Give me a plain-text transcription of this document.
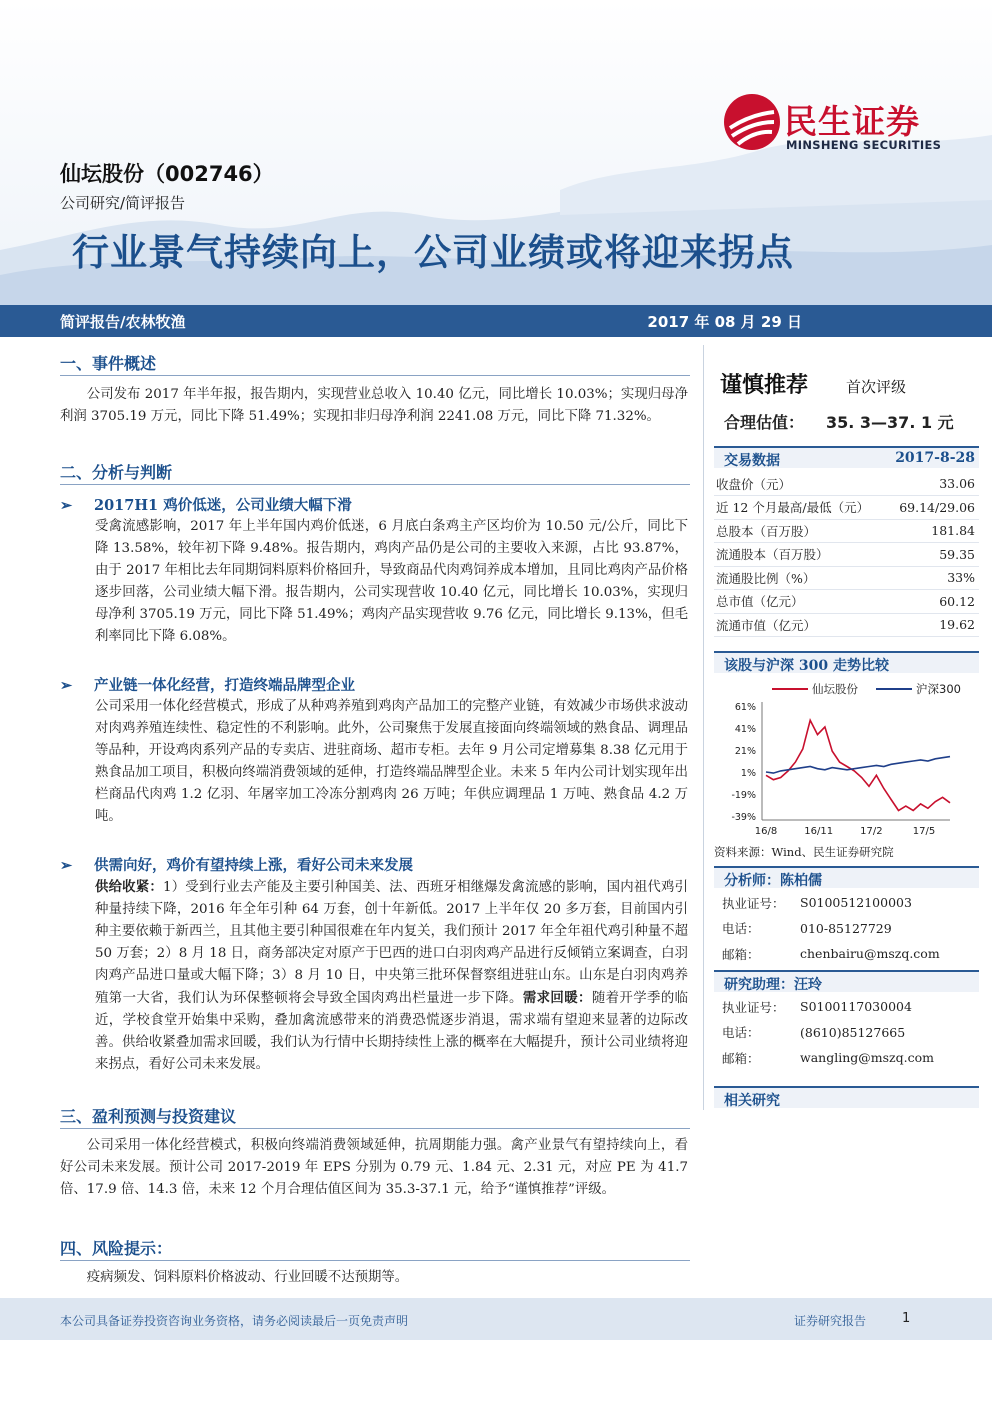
民生证券
MINSHENG SECURITIES
仙坛股份（002746）
公司研究/简评报告
行业景气持续向上，公司业绩或将迎来拐点
简评报告/农林牧渔	2017 年 08 月 29 日
一、事件概述
公司发布 2017 年半年报，报告期内，实现营业总收入 10.40 亿元，同比增长 10.03%；实现归母净利润 3705.19 万元，同比下降 51.49%；实现扣非归母净利润 2241.08 万元，同比下降 71.32%。
二、分析与判断
➢ 2017H1 鸡价低迷，公司业绩大幅下滑
受禽流感影响，2017 年上半年国内鸡价低迷，6 月底白条鸡主产区均价为 10.50 元/公斤，同比下降 13.58%，较年初下降 9.48%。报告期内，鸡肉产品仍是公司的主要收入来源，占比 93.87%，由于 2017 年相比去年同期饲料原料价格回升，导致商品代肉鸡饲养成本增加，且同比鸡肉产品价格逐步回落，公司业绩大幅下滑。报告期内，公司实现营收 10.40 亿元，同比增长 10.03%，实现归母净利 3705.19 万元，同比下降 51.49%；鸡肉产品实现营收 9.76 亿元，同比增长 9.13%，但毛利率同比下降 6.08%。
➢ 产业链一体化经营，打造终端品牌型企业
公司采用一体化经营模式，形成了从种鸡养殖到鸡肉产品加工的完整产业链，有效减少市场供求波动对肉鸡养殖连续性、稳定性的不利影响。此外，公司聚焦于发展直接面向终端领域的熟食品、调理品等品种，开设鸡肉系列产品的专卖店、进驻商场、超市专柜。去年 9 月公司定增募集 8.38 亿元用于熟食品加工项目，积极向终端消费领域的延伸，打造终端品牌型企业。未来 5 年内公司计划实现年出栏商品代肉鸡 1.2 亿羽、年屠宰加工冷冻分割鸡肉 26 万吨；年供应调理品 1 万吨、熟食品 4.2 万吨。
➢ 供需向好，鸡价有望持续上涨，看好公司未来发展
供给收紧：1）受到行业去产能及主要引种国美、法、西班牙相继爆发禽流感的影响，国内祖代鸡引种量持续下降，2016 年全年引种 64 万套，创十年新低。2017 上半年仅 20 多万套，目前国内引种主要依赖于新西兰，且其他主要引种国很难在年内复关，我们预计 2017 年全年祖代鸡引种量不超 50 万套；2）8 月 18 日，商务部决定对原产于巴西的进口白羽肉鸡产品进行反倾销立案调查，白羽肉鸡产品进口量或大幅下降；3）8 月 10 日，中央第三批环保督察组进驻山东。山东是白羽肉鸡养殖第一大省，我们认为环保整顿将会导致全国肉鸡出栏量进一步下降。需求回暖：随着开学季的临近，学校食堂开始集中采购，叠加禽流感带来的消费恐慌逐步消退，需求端有望迎来显著的边际改善。供给收紧叠加需求回暖，我们认为行情中长期持续性上涨的概率在大幅提升，预计公司业绩将迎来拐点，看好公司未来发展。
三、盈利预测与投资建议
公司采用一体化经营模式，积极向终端消费领域延伸，抗周期能力强。禽产业景气有望持续向上，看好公司未来发展。预计公司 2017-2019 年 EPS 分别为 0.79 元、1.84 元、2.31 元，对应 PE 为 41.7 倍、17.9 倍、14.3 倍，未来 12 个月合理估值区间为 35.3-37.1 元，给予“谨慎推荐”评级。
四、风险提示：
疫病频发、饲料原料价格波动、行业回暖不达预期等。
谨慎推荐	首次评级
合理估值： 35. 3—37. 1 元
交易数据	2017-8-28
收盘价（元）	33.06
近 12 个月最高/最低（元）	69.14/29.06
总股本（百万股）	181.84
流通股本（百万股）	59.35
流通股比例（%）	33%
总市值（亿元）	60.12
流通市值（亿元）	19.62
该股与沪深 300 走势比较
仙坛股份	沪深300
61%
41%
21%
1%
-19%
-39%
16/8	16/11	17/2	17/5
资料来源：Wind、民生证券研究院
分析师：陈柏儒
执业证号：	S0100512100003
电话：	010-85127729
邮箱：	chenbairu@mszq.com
研究助理：汪玲
执业证号：	S0100117030004
电话：	(8610)85127665
邮箱：	wangling@mszq.com
相关研究
本公司具备证券投资咨询业务资格，请务必阅读最后一页免责声明	证券研究报告	1
